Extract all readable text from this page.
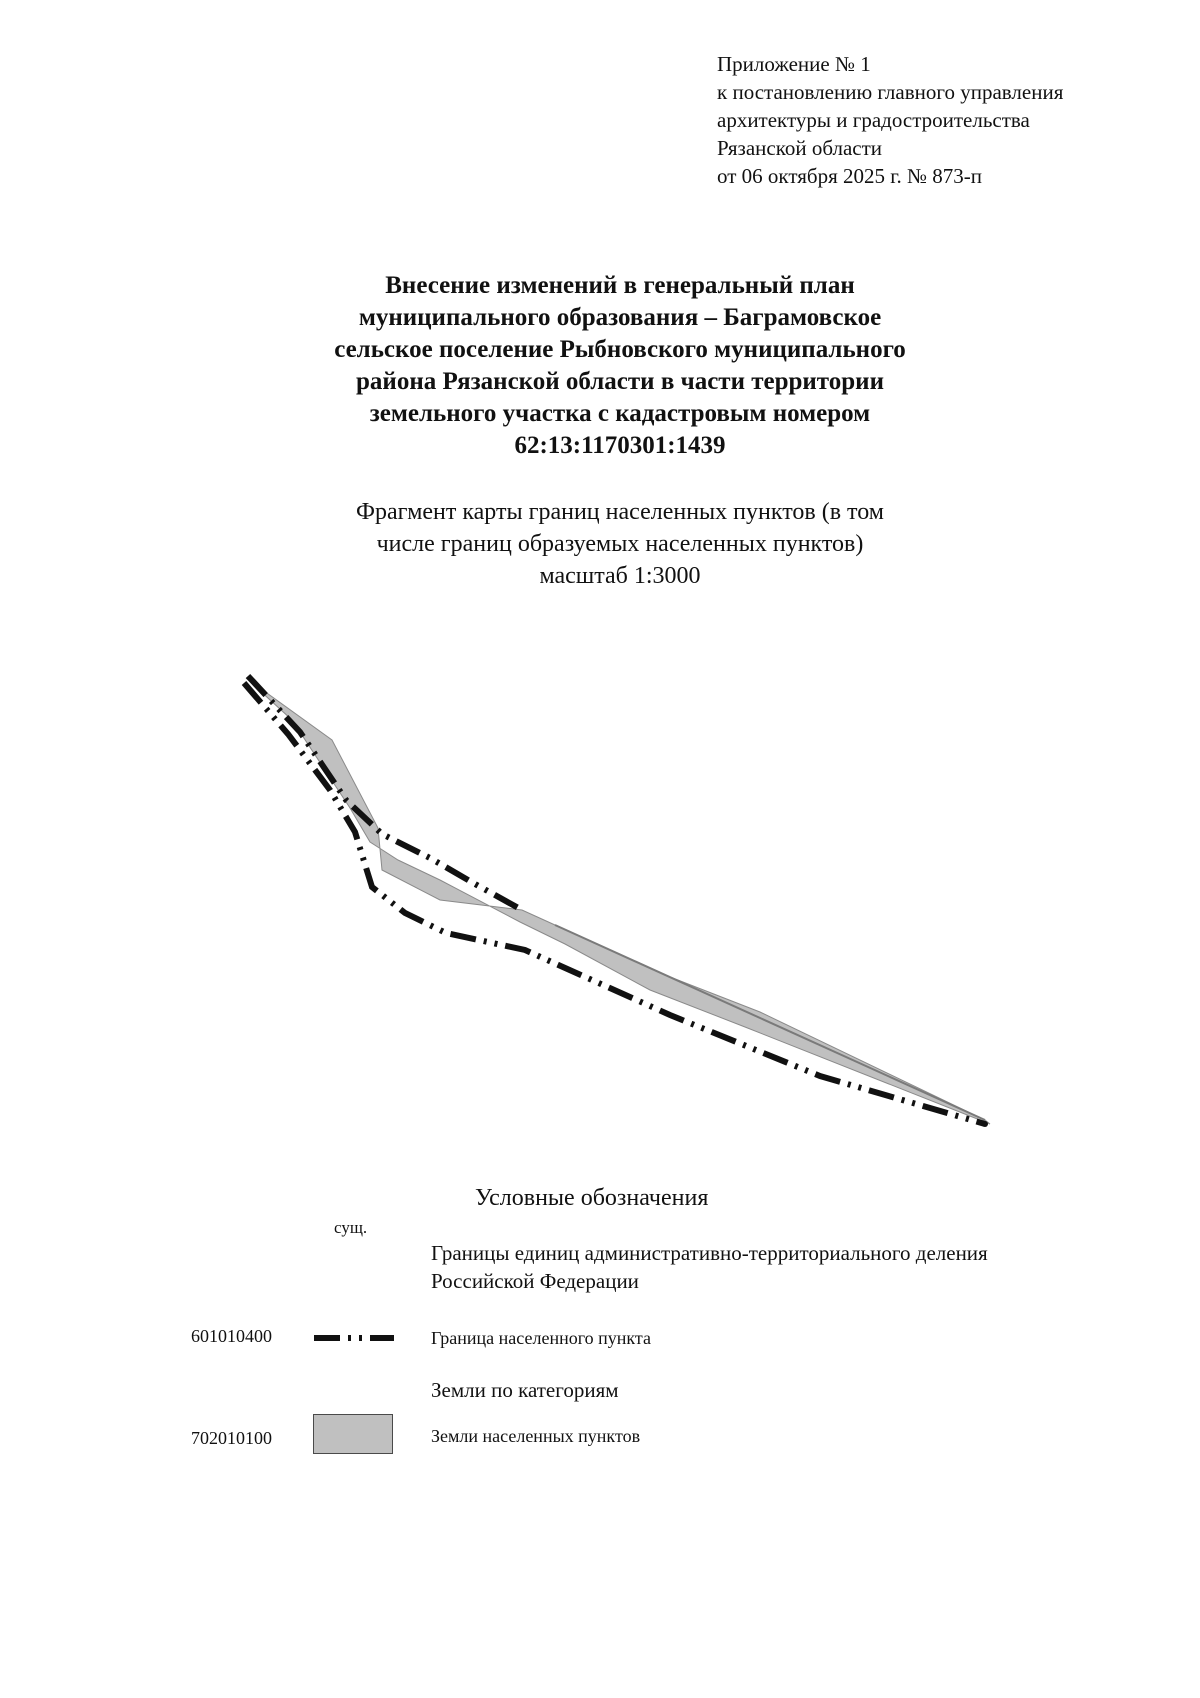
Приложение № 1
к постановлению главного управления
архитектуры и градостроительства
Рязанской области
от 06 октября 2025 г. № 873-п
Внесение изменений в генеральный план
муниципального образования – Баграмовское
сельское поселение Рыбновского муниципального
района Рязанской области в части территории
земельного участка с кадастровым номером
62:13:1170301:1439
Фрагмент карты границ населенных пунктов (в том
числе границ образуемых населенных пунктов)
масштаб 1:3000
Условные обозначения
сущ.
Границы единиц административно-территориального деления
Российской Федерации
601010400	Граница населенного пункта
Земли по категориям
702010100	Земли населенных пунктов
